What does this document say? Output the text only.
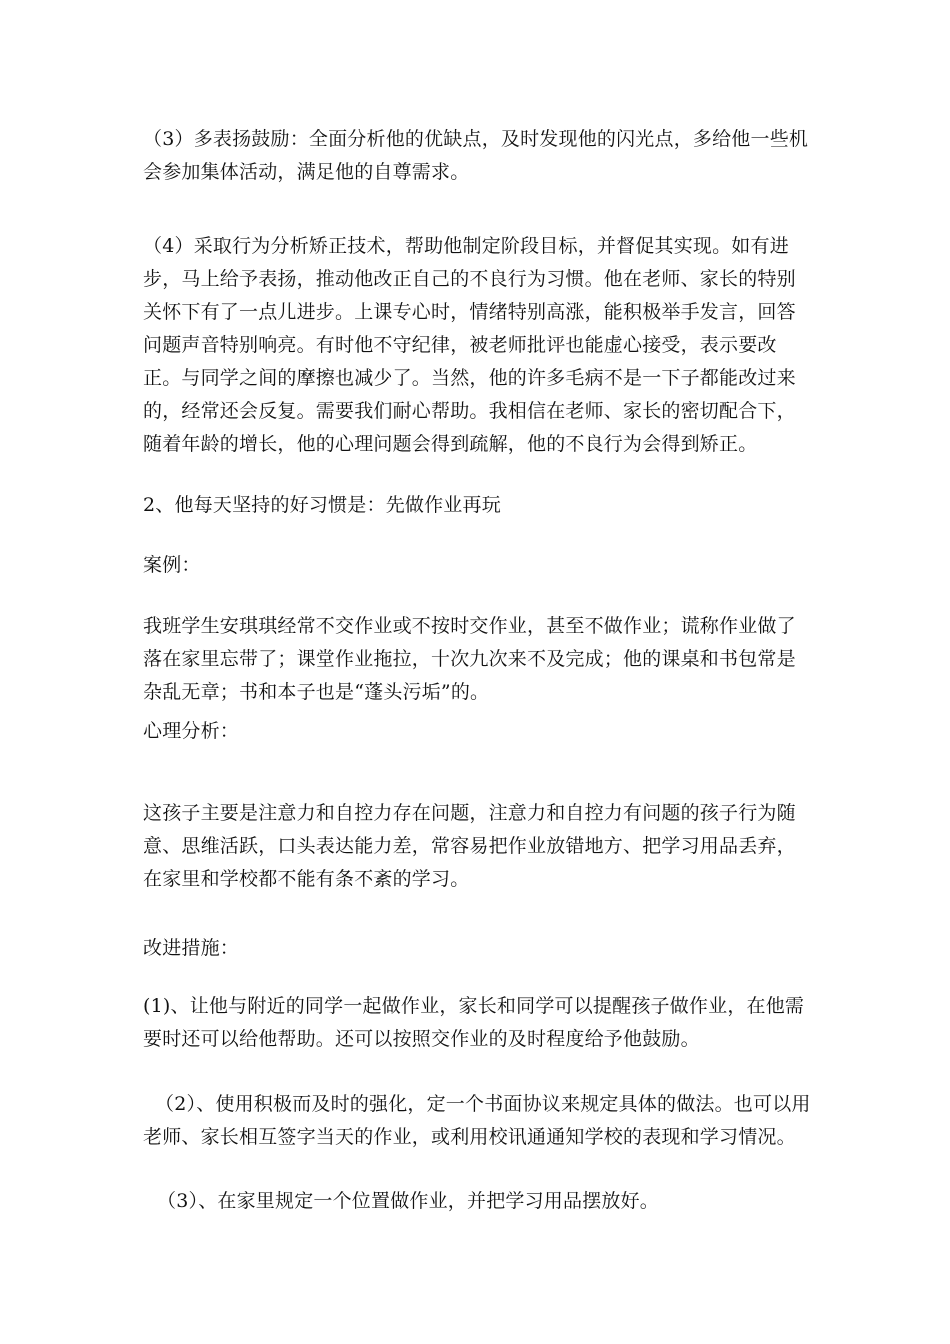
（3）多表扬鼓励：全面分析他的优缺点，及时发现他的闪光点，多给他一些机会参加集体活动，满足他的自尊需求。

（4）采取行为分析矫正技术，帮助他制定阶段目标，并督促其实现。如有进步，马上给予表扬，推动他改正自己的不良行为习惯。他在老师、家长的特别关怀下有了一点儿进步。上课专心时，情绪特别高涨，能积极举手发言，回答问题声音特别响亮。有时他不守纪律，被老师批评也能虚心接受，表示要改正。与同学之间的摩擦也减少了。当然，他的许多毛病不是一下子都能改过来的，经常还会反复。需要我们耐心帮助。我相信在老师、家长的密切配合下，随着年龄的增长，他的心理问题会得到疏解，他的不良行为会得到矫正。

2、他每天坚持的好习惯是：先做作业再玩

案例：

我班学生安琪琪经常不交作业或不按时交作业，甚至不做作业；谎称作业做了落在家里忘带了；课堂作业拖拉，十次九次来不及完成；他的课桌和书包常是杂乱无章；书和本子也是“蓬头污垢”的。

心理分析：

这孩子主要是注意力和自控力存在问题，注意力和自控力有问题的孩子行为随意、思维活跃，口头表达能力差，常容易把作业放错地方、把学习用品丢弃，在家里和学校都不能有条不紊的学习。

改进措施：

(1)、让他与附近的同学一起做作业，家长和同学可以提醒孩子做作业，在他需要时还可以给他帮助。还可以按照交作业的及时程度给予他鼓励。

（2）、使用积极而及时的强化，定一个书面协议来规定具体的做法。也可以用老师、家长相互签字当天的作业，或利用校讯通通知学校的表现和学习情况。

（3）、在家里规定一个位置做作业，并把学习用品摆放好。
